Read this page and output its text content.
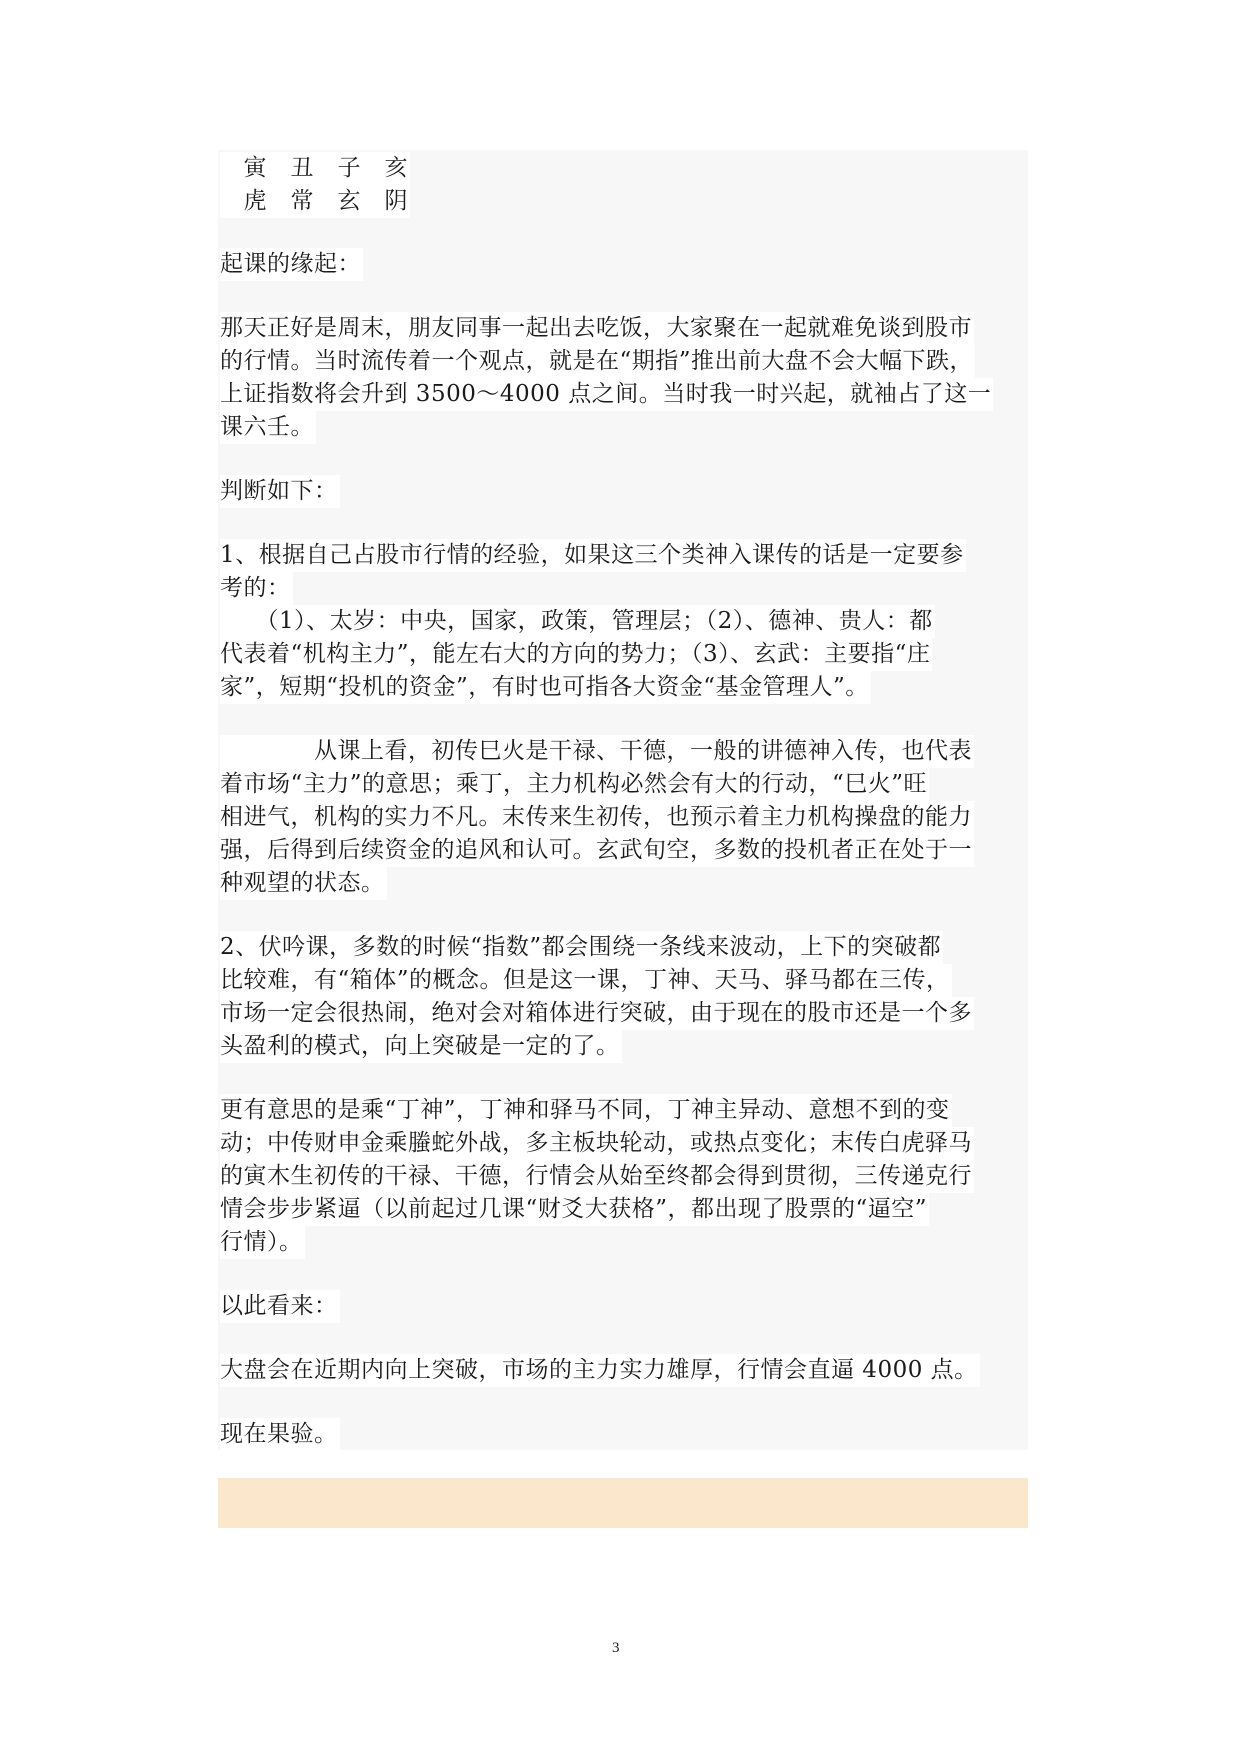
　寅　丑　子　亥
　虎　常　玄　阴
起课的缘起：
那天正好是周末，朋友同事一起出去吃饭，大家聚在一起就难免谈到股市
的行情。当时流传着一个观点，就是在“期指”推出前大盘不会大幅下跌，
上证指数将会升到 3500～4000 点之间。当时我一时兴起，就袖占了这一
课六壬。
判断如下：
1、根据自己占股市行情的经验，如果这三个类神入课传的话是一定要参
考的：
　　（1）、太岁：中央，国家，政策，管理层；（2）、德神、贵人：都
代表着“机构主力”，能左右大的方向的势力；（3）、玄武：主要指“庄
家”，短期“投机的资金”，有时也可指各大资金“基金管理人”。
　　　　从课上看，初传巳火是干禄、干德，一般的讲德神入传，也代表
着市场“主力”的意思；乘丁，主力机构必然会有大的行动，“巳火”旺
相进气，机构的实力不凡。末传来生初传，也预示着主力机构操盘的能力
强，后得到后续资金的追风和认可。玄武旬空，多数的投机者正在处于一
种观望的状态。
2、伏吟课，多数的时候“指数”都会围绕一条线来波动，上下的突破都
比较难，有“箱体”的概念。但是这一课，丁神、天马、驿马都在三传，
市场一定会很热闹，绝对会对箱体进行突破，由于现在的股市还是一个多
头盈利的模式，向上突破是一定的了。
更有意思的是乘“丁神”，丁神和驿马不同，丁神主异动、意想不到的变
动；中传财申金乘螣蛇外战，多主板块轮动，或热点变化；末传白虎驿马
的寅木生初传的干禄、干德，行情会从始至终都会得到贯彻，三传递克行
情会步步紧逼（以前起过几课“财爻大获格”，都出现了股票的“逼空”
行情）。
以此看来：
大盘会在近期内向上突破，市场的主力实力雄厚，行情会直逼 4000 点。
现在果验。
3
